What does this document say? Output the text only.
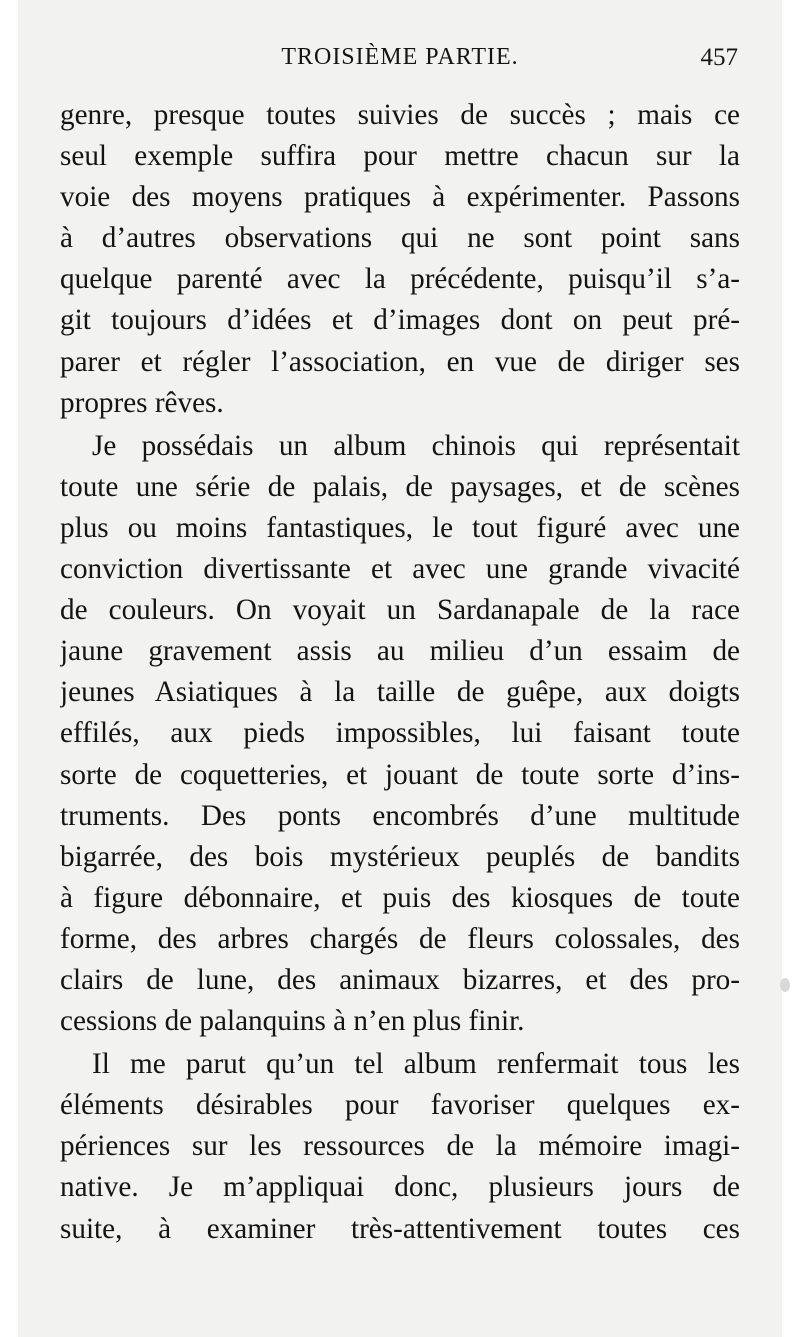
TROISIÈME PARTIE.	457
genre, presque toutes suivies de succès ; mais ce
seul exemple suffira pour mettre chacun sur la
voie des moyens pratiques à expérimenter. Passons
à d’autres observations qui ne sont point sans
quelque parenté avec la précédente, puisqu’il s’a-
git toujours d’idées et d’images dont on peut pré-
parer et régler l’association, en vue de diriger ses
propres rêves.
Je possédais un album chinois qui représentait
toute une série de palais, de paysages, et de scènes
plus ou moins fantastiques, le tout figuré avec une
conviction divertissante et avec une grande vivacité
de couleurs. On voyait un Sardanapale de la race
jaune gravement assis au milieu d’un essaim de
jeunes Asiatiques à la taille de guêpe, aux doigts
effilés, aux pieds impossibles, lui faisant toute
sorte de coquetteries, et jouant de toute sorte d’ins-
truments. Des ponts encombrés d’une multitude
bigarrée, des bois mystérieux peuplés de bandits
à figure débonnaire, et puis des kiosques de toute
forme, des arbres chargés de fleurs colossales, des
clairs de lune, des animaux bizarres, et des pro-
cessions de palanquins à n’en plus finir.
Il me parut qu’un tel album renfermait tous les
éléments désirables pour favoriser quelques ex-
périences sur les ressources de la mémoire imagi-
native. Je m’appliquai donc, plusieurs jours de
suite, à examiner très-attentivement toutes ces
